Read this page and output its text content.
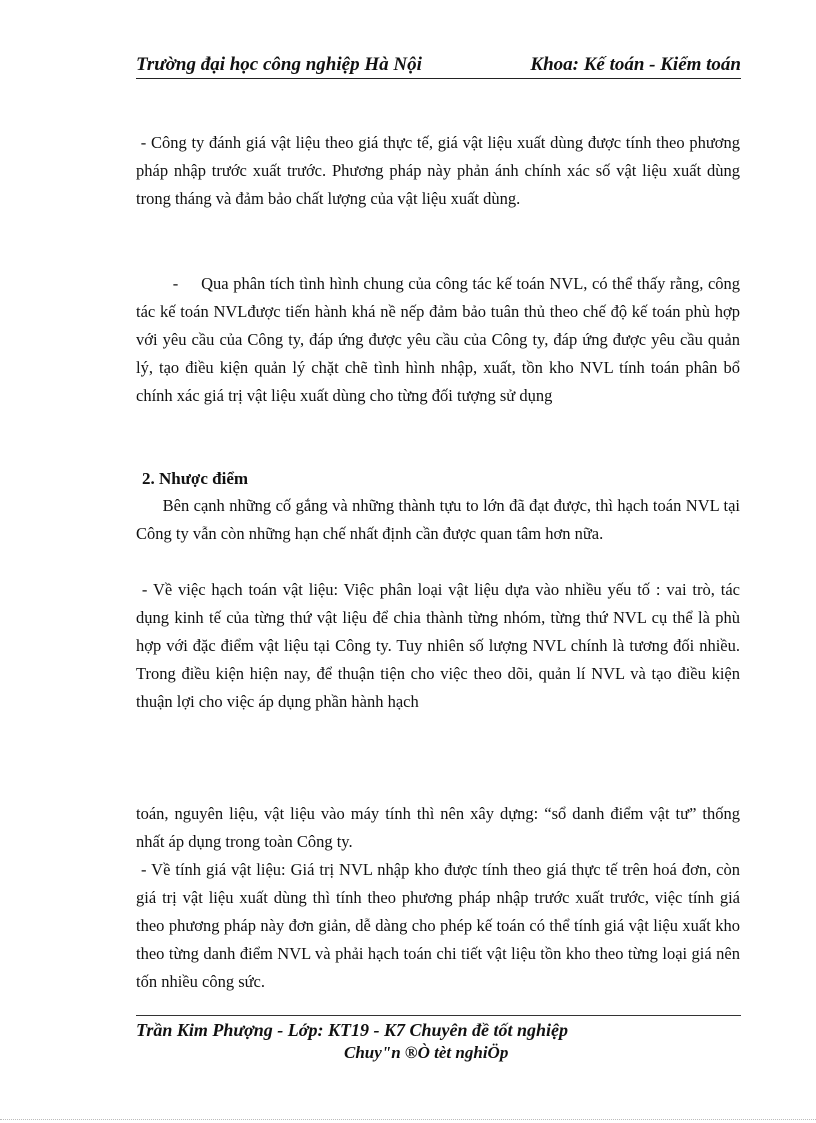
Trường đại học công nghiệp Hà Nội	Khoa: Kế toán - Kiểm toán

- Công ty đánh giá vật liệu theo giá thực tế, giá vật liệu xuất dùng được tính theo phương pháp nhập trước xuất trước. Phương pháp này phản ánh chính xác số vật liệu xuất dùng trong tháng và đảm bảo chất lượng của vật liệu xuất dùng.

-     Qua phân tích tình hình chung của công tác kế toán NVL, có thể thấy rằng, công tác kế toán NVLđược tiến hành khá nề nếp đảm bảo tuân thủ theo chế độ kế toán phù hợp với yêu cầu của Công ty, đáp ứng được yêu cầu của Công ty, đáp ứng được yêu cầu quản lý, tạo điều kiện quản lý chặt chẽ tình hình nhập, xuất, tồn kho NVL tính toán phân bổ chính xác giá trị vật liệu xuất dùng cho từng đối tượng sử dụng

2. Nhược điểm

Bên cạnh những cố gắng và những thành tựu to lớn đã đạt được, thì hạch toán NVL tại Công ty vẫn còn những hạn chế nhất định cần được quan tâm hơn nữa.

- Về việc hạch toán vật liệu: Việc phân loại vật liệu dựa vào nhiều yếu tố : vai trò, tác dụng kinh tế của từng thứ vật liệu để chia thành từng nhóm, từng thứ NVL cụ thể là phù hợp với đặc điểm vật liệu tại Công ty. Tuy nhiên số lượng NVL chính là tương đối nhiều. Trong điều kiện hiện nay, để thuận tiện cho việc theo dõi, quản lí NVL và tạo điều kiện thuận lợi cho việc áp dụng phần hành hạch

toán, nguyên liệu, vật liệu vào máy tính thì nên xây dựng: “sổ danh điểm vật tư” thống nhất áp dụng trong toàn Công ty.

- Về tính giá vật liệu: Giá trị NVL nhập kho được tính theo giá thực tế trên hoá đơn, còn giá trị vật liệu xuất dùng thì tính theo phương pháp nhập trước xuất trước, việc tính giá theo phương pháp này đơn giản, dễ dàng cho phép kế toán có thể tính giá vật liệu xuất kho theo từng danh điểm NVL và phải hạch toán chi tiết vật liệu tồn kho theo từng loại giá nên tốn nhiều công sức.

Trần Kim Phượng - Lớp: KT19 - K7 Chuyên đề tốt nghiệp
Chuy"n ®Ò tèt nghiÖp
